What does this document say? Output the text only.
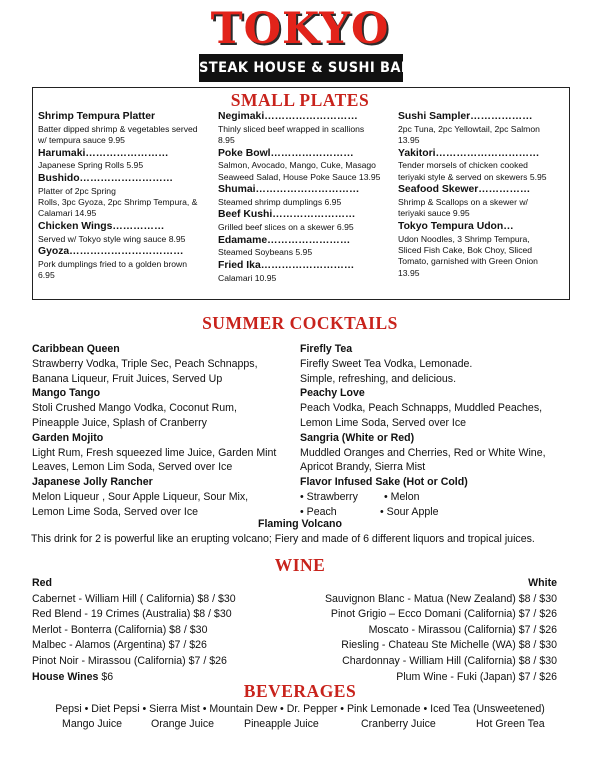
TOKYO
STEAK HOUSE & SUSHI BAR
SMALL PLATES
Shrimp Tempura Platter
Batter dipped shrimp & vegetables served
w/ tempura sauce 9.95
Harumaki……………………
Japanese Spring Rolls 5.95
Bushido………………………
Platter of 2pc Spring
Rolls, 3pc Gyoza, 2pc Shrimp Tempura, &
Calamari 14.95
Chicken Wings……………
Served w/ Tokyo style wing sauce 8.95
Gyoza……………………………
Pork dumplings fried to a golden brown
6.95
Negimaki………………………
Thinly sliced beef wrapped in scallions
8.95
Poke Bowl……………………
Salmon, Avocado, Mango, Cuke, Masago
Seaweed Salad, House Poke Sauce 13.95
Shumai…………………………
Steamed shrimp dumplings 6.95
Beef Kushi……………………
Grilled beef slices on a skewer 6.95
Edamame……………………
Steamed Soybeans 5.95
Fried Ika………………………
Calamari 10.95
Sushi Sampler………………
2pc Tuna, 2pc Yellowtail, 2pc Salmon
13.95
Yakitori…………………………
Tender morsels of chicken cooked
teriyaki style & served on skewers 5.95
Seafood Skewer……………
Shrimp & Scallops on a skewer w/
teriyaki sauce 9.95
Tokyo Tempura Udon…
Udon Noodles, 3 Shrimp Tempura,
Sliced Fish Cake, Bok Choy, Sliced
Tomato, garnished with Green Onion
13.95
SUMMER COCKTAILS
Caribbean Queen
Strawberry Vodka, Triple Sec, Peach Schnapps,
Banana Liqueur, Fruit Juices, Served Up
Mango Tango
Stoli Crushed Mango Vodka, Coconut Rum,
Pineapple Juice, Splash of Cranberry
Garden Mojito
Light Rum, Fresh squeezed lime Juice, Garden Mint
Leaves, Lemon Lim Soda, Served over Ice
Japanese Jolly Rancher
Melon Liqueur , Sour Apple Liqueur, Sour Mix,
Lemon Lime Soda, Served over Ice
Firefly Tea
Firefly Sweet Tea Vodka, Lemonade.
Simple, refreshing, and delicious.
Peachy Love
Peach Vodka, Peach Schnapps, Muddled Peaches,
Lemon Lime Soda, Served over Ice
Sangria (White or Red)
Muddled Oranges and Cherries, Red or White Wine,
Apricot Brandy, Sierra Mist
Flavor Infused Sake (Hot or Cold)
• Strawberry • Melon
• Peach	• Sour Apple
Flaming Volcano
This drink for 2 is powerful like an erupting volcano; Fiery and made of 6 different liquors and tropical juices.
WINE
Red
Cabernet - William Hill ( California) $8 / $30
Red Blend - 19 Crimes (Australia) $8 / $30
Merlot - Bonterra (California) $8 / $30
Malbec - Alamos (Argentina) $7 / $26
Pinot Noir - Mirassou (California) $7 / $26
House Wines $6
White
Sauvignon Blanc - Matua (New Zealand) $8 / $30
Pinot Grigio – Ecco Domani (California) $7 / $26
Moscato - Mirassou (California) $7 / $26
Riesling - Chateau Ste Michelle (WA) $8 / $30
Chardonnay - William Hill (California) $8 / $30
Plum Wine - Fuki (Japan) $7 / $26
BEVERAGES
Pepsi • Diet Pepsi • Sierra Mist • Mountain Dew • Dr. Pepper • Pink Lemonade • Iced Tea (Unsweetened)
Mango Juice	Orange Juice	Pineapple Juice	Cranberry Juice	Hot Green Tea
